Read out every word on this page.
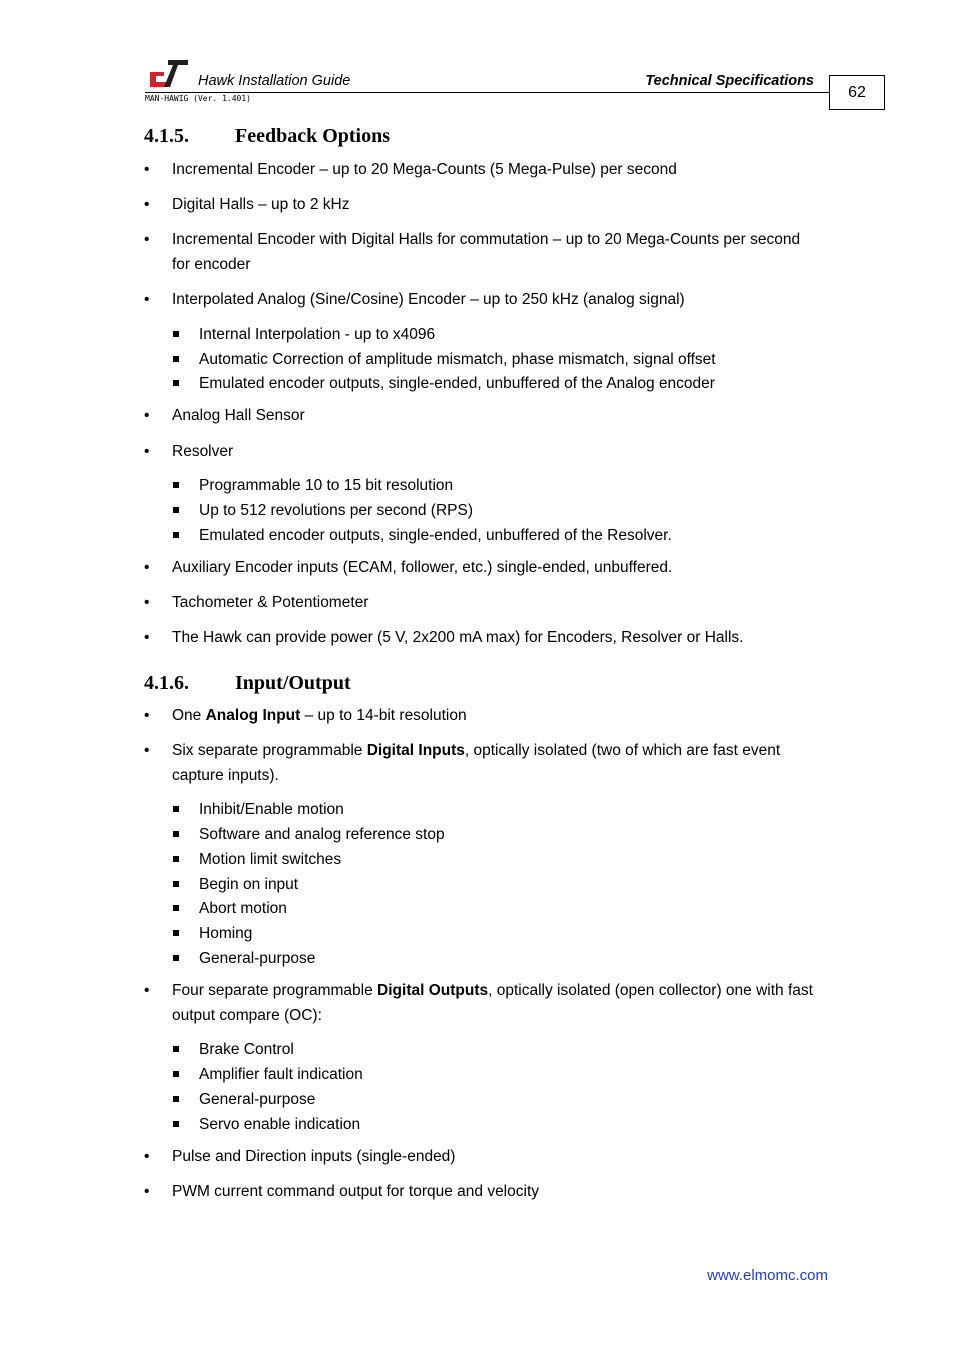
Hawk Installation Guide	Technical Specifications
MAN-HAWIG (Ver. 1.401)	62
4.1.5. Feedback Options
• Incremental Encoder – up to 20 Mega-Counts (5 Mega-Pulse) per second
• Digital Halls – up to 2 kHz
• Incremental Encoder with Digital Halls for commutation – up to 20 Mega-Counts per second for encoder
• Interpolated Analog (Sine/Cosine) Encoder – up to 250 kHz (analog signal)
Internal Interpolation - up to x4096
Automatic Correction of amplitude mismatch, phase mismatch, signal offset
Emulated encoder outputs, single-ended, unbuffered of the Analog encoder
• Analog Hall Sensor
• Resolver
Programmable 10 to 15 bit resolution
Up to 512 revolutions per second (RPS)
Emulated encoder outputs, single-ended, unbuffered of the Resolver.
• Auxiliary Encoder inputs (ECAM, follower, etc.) single-ended, unbuffered.
• Tachometer & Potentiometer
• The Hawk can provide power (5 V, 2x200 mA max) for Encoders, Resolver or Halls.
4.1.6. Input/Output
• One Analog Input – up to 14-bit resolution
• Six separate programmable Digital Inputs, optically isolated (two of which are fast event capture inputs).
Inhibit/Enable motion
Software and analog reference stop
Motion limit switches
Begin on input
Abort motion
Homing
General-purpose
• Four separate programmable Digital Outputs, optically isolated (open collector) one with fast output compare (OC):
Brake Control
Amplifier fault indication
General-purpose
Servo enable indication
• Pulse and Direction inputs (single-ended)
• PWM current command output for torque and velocity
www.elmomc.com
